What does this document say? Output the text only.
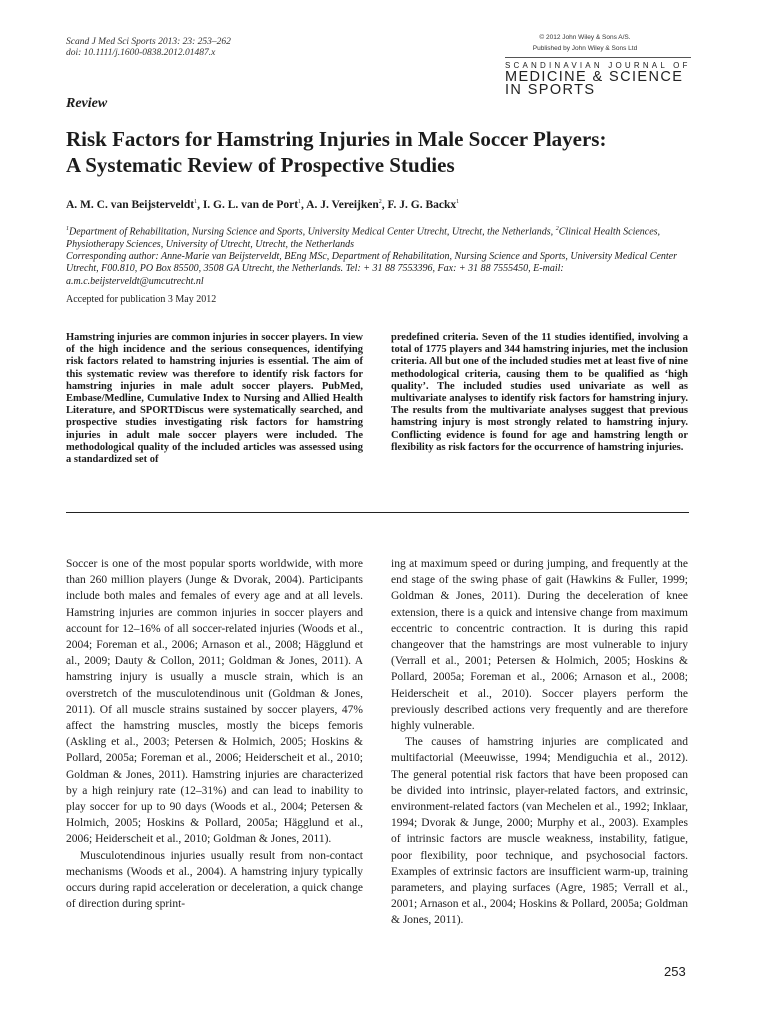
Scand J Med Sci Sports 2013: 23: 253–262
doi: 10.1111/j.1600-0838.2012.01487.x
© 2012 John Wiley & Sons A/S.
Published by John Wiley & Sons Ltd
SCANDINAVIAN JOURNAL OF
MEDICINE & SCIENCE
IN SPORTS
Review
Risk Factors for Hamstring Injuries in Male Soccer Players:
A Systematic Review of Prospective Studies
A. M. C. van Beijsterveldt$^1$, I. G. L. van de Port$^1$, A. J. Vereijken$^2$, F. J. G. Backx$^1$
$^1$Department of Rehabilitation, Nursing Science and Sports, University Medical Center Utrecht, Utrecht, the Netherlands, $^2$Clinical Health Sciences, Physiotherapy Sciences, University of Utrecht, Utrecht, the Netherlands
Corresponding author: Anne-Marie van Beijsterveldt, BEng MSc, Department of Rehabilitation, Nursing Science and Sports, University Medical Center Utrecht, F00.810, PO Box 85500, 3508 GA Utrecht, the Netherlands. Tel: + 31 88 7553396, Fax: + 31 88 7555450, E-mail: a.m.c.beijsterveldt@umcutrecht.nl
Accepted for publication 3 May 2012
Hamstring injuries are common injuries in soccer players. In view of the high incidence and the serious consequences, identifying risk factors related to hamstring injuries is essential. The aim of this systematic review was therefore to identify risk factors for hamstring injuries in male adult soccer players. PubMed, Embase/Medline, Cumulative Index to Nursing and Allied Health Literature, and SPORTDiscus were systematically searched, and prospective studies investigating risk factors for hamstring injuries in adult male soccer players were included. The methodological quality of the included articles was assessed using a standardized set of
predefined criteria. Seven of the 11 studies identified, involving a total of 1775 players and 344 hamstring injuries, met the inclusion criteria. All but one of the included studies met at least five of nine methodological criteria, causing them to be qualified as ‘high quality’. The included studies used univariate as well as multivariate analyses to identify risk factors for hamstring injury. The results from the multivariate analyses suggest that previous hamstring injury is most strongly related to hamstring injury. Conflicting evidence is found for age and hamstring length or flexibility as risk factors for the occurrence of hamstring injuries.

Soccer is one of the most popular sports worldwide, with more than 260 million players (Junge & Dvorak, 2004). Participants include both males and females of every age and at all levels. Hamstring injuries are common injuries in soccer players and account for 12–16% of all soccer-related injuries (Woods et al., 2004; Foreman et al., 2006; Arnason et al., 2008; Hägglund et al., 2009; Dauty & Collon, 2011; Goldman & Jones, 2011). A hamstring injury is usually a muscle strain, which is an overstretch of the musculotendinous unit (Goldman & Jones, 2011). Of all muscle strains sustained by soccer players, 47% affect the hamstring muscles, mostly the biceps femoris (Askling et al., 2003; Petersen & Holmich, 2005; Hoskins & Pollard, 2005a; Foreman et al., 2006; Heiderscheit et al., 2010; Goldman & Jones, 2011). Hamstring injuries are characterized by a high reinjury rate (12–31%) and can lead to inability to play soccer for up to 90 days (Woods et al., 2004; Petersen & Holmich, 2005; Hoskins & Pollard, 2005a; Hägglund et al., 2006; Heiderscheit et al., 2010; Goldman & Jones, 2011).

Musculotendinous injuries usually result from non-contact mechanisms (Woods et al., 2004). A hamstring injury typically occurs during rapid acceleration or deceleration, a quick change of direction during sprint-

ing at maximum speed or during jumping, and frequently at the end stage of the swing phase of gait (Hawkins & Fuller, 1999; Goldman & Jones, 2011). During the deceleration of knee extension, there is a quick and intensive change from maximum eccentric to concentric contraction. It is during this rapid changeover that the hamstrings are most vulnerable to injury (Verrall et al., 2001; Petersen & Holmich, 2005; Hoskins & Pollard, 2005a; Foreman et al., 2006; Arnason et al., 2008; Heiderscheit et al., 2010). Soccer players perform the previously described actions very frequently and are therefore highly vulnerable.

The causes of hamstring injuries are complicated and multifactorial (Meeuwisse, 1994; Mendiguchia et al., 2012). The general potential risk factors that have been proposed can be divided into intrinsic, player-related factors, and extrinsic, environment-related factors (van Mechelen et al., 1992; Inklaar, 1994; Dvorak & Junge, 2000; Murphy et al., 2003). Examples of intrinsic factors are muscle weakness, instability, fatigue, poor flexibility, poor technique, and psychosocial factors. Examples of extrinsic factors are insufficient warm-up, training parameters, and playing surfaces (Agre, 1985; Verrall et al., 2001; Arnason et al., 2004; Hoskins & Pollard, 2005a; Goldman & Jones, 2011).

253
